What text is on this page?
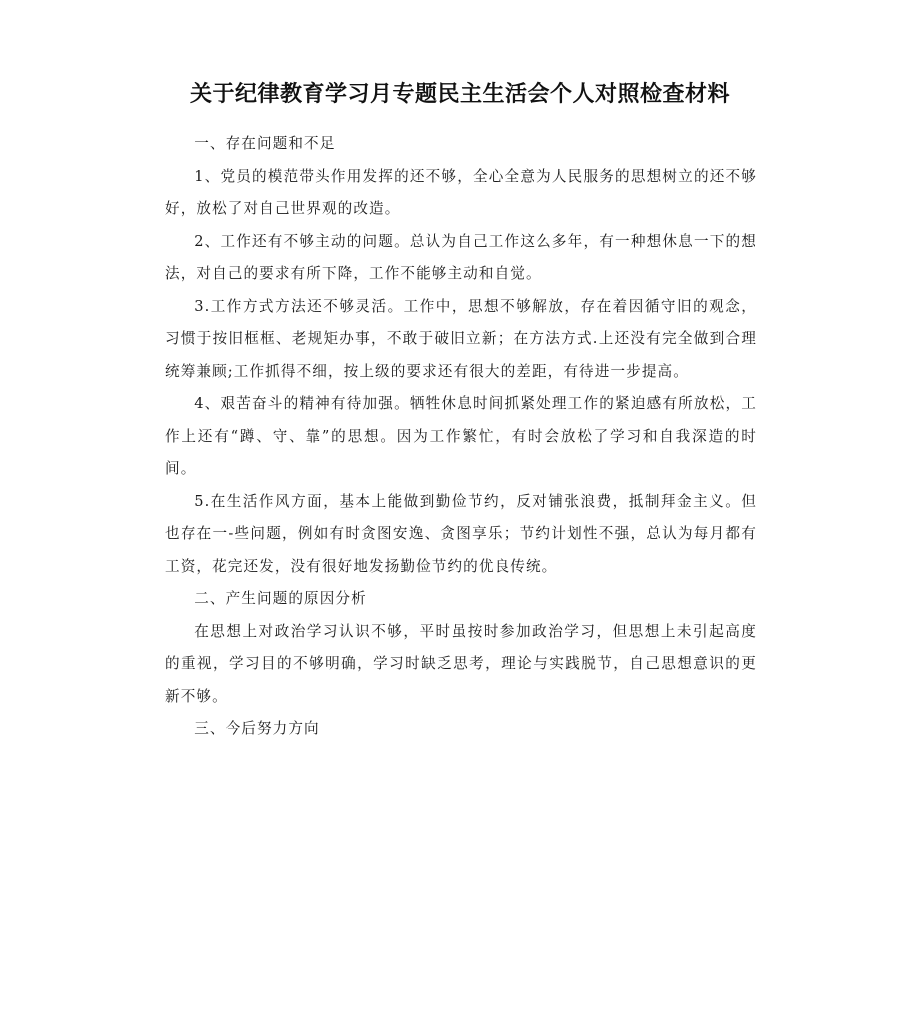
关于纪律教育学习月专题民主生活会个人对照检查材料

一、存在问题和不足

1、党员的模范带头作用发挥的还不够，全心全意为人民服务的思想树立的还不够好，放松了对自己世界观的改造。

2、工作还有不够主动的问题。总认为自己工作这么多年，有一种想休息一下的想法，对自己的要求有所下降，工作不能够主动和自觉。

3.工作方式方法还不够灵活。工作中，思想不够解放，存在着因循守旧的观念，习惯于按旧框框、老规矩办事，不敢于破旧立新；在方法方式.上还没有完全做到合理统筹兼顾;工作抓得不细，按上级的要求还有很大的差距，有待进一步提高。

4、艰苦奋斗的精神有待加强。牺牲休息时间抓紧处理工作的紧迫感有所放松，工作上还有“蹲、守、靠”的思想。因为工作繁忙，有时会放松了学习和自我深造的时间。

5.在生活作风方面，基本上能做到勤俭节约，反对铺张浪费，抵制拜金主义。但也存在一-些问题，例如有时贪图安逸、贪图享乐；节约计划性不强，总认为每月都有工资，花完还发，没有很好地发扬勤俭节约的优良传统。

二、产生问题的原因分析

在思想上对政治学习认识不够，平时虽按时参加政治学习，但思想上未引起高度的重视，学习目的不够明确，学习时缺乏思考，理论与实践脱节，自己思想意识的更新不够。

三、今后努力方向
